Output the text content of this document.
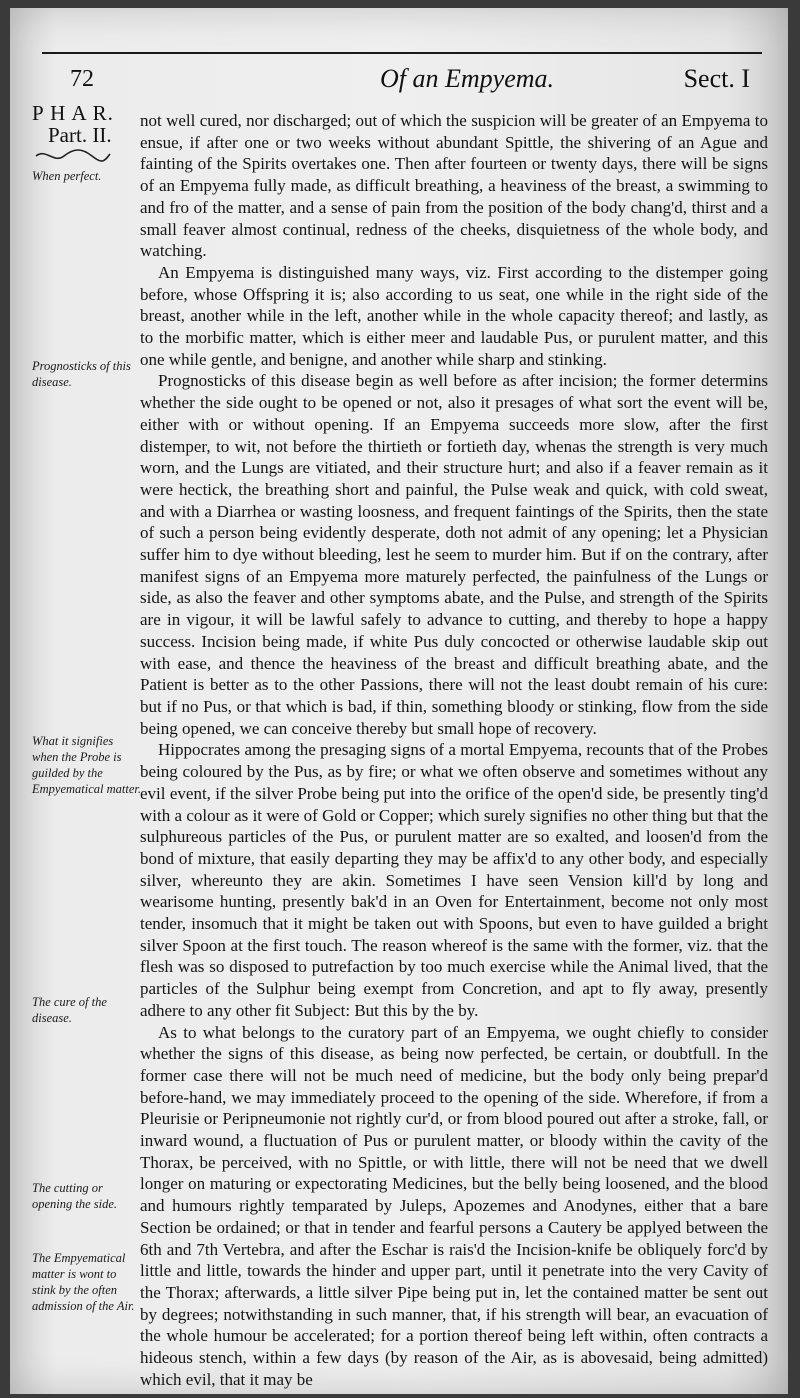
72	Of an Empyema.	Sect. I
P H A R.
Part. II.
When perfect.
Prognosticks of this disease.
What it signifies when the Probe is guilded by the Empyematical matter.
The cure of the disease.
The cutting or opening the side.
The Empyematical matter is wont to stink by the often admission of the Air.

not well cured, nor discharged; out of which the suspicion will be greater of an Empyema to ensue, if after one or two weeks without abundant Spittle, the shivering of an Ague and fainting of the Spirits overtakes one. Then after fourteen or twenty days, there will be signs of an Empyema fully made, as difficult breathing, a heaviness of the breast, a swimming to and fro of the matter, and a sense of pain from the position of the body chang'd, thirst and a small feaver almost continual, redness of the cheeks, disquietness of the whole body, and watching.

An Empyema is distinguished many ways, viz. First according to the distemper going before, whose Offspring it is; also according to us seat, one while in the right side of the breast, another while in the left, another while in the whole capacity thereof; and lastly, as to the morbific matter, which is either meer and laudable Pus, or purulent matter, and this one while gentle, and benigne, and another while sharp and stinking.

Prognosticks of this disease begin as well before as after incision; the former determins whether the side ought to be opened or not, also it presages of what sort the event will be, either with or without opening. If an Empyema succeeds more slow, after the first distemper, to wit, not before the thirtieth or fortieth day, whenas the strength is very much worn, and the Lungs are vitiated, and their structure hurt; and also if a feaver remain as it were hectick, the breathing short and painful, the Pulse weak and quick, with cold sweat, and with a Diarrhea or wasting loosness, and frequent faintings of the Spirits, then the state of such a person being evidently desperate, doth not admit of any opening; let a Physician suffer him to dye without bleeding, lest he seem to murder him. But if on the contrary, after manifest signs of an Empyema more maturely perfected, the painfulness of the Lungs or side, as also the feaver and other symptoms abate, and the Pulse, and strength of the Spirits are in vigour, it will be lawful safely to advance to cutting, and thereby to hope a happy success. Incision being made, if white Pus duly concocted or otherwise laudable skip out with ease, and thence the heaviness of the breast and difficult breathing abate, and the Patient is better as to the other Passions, there will not the least doubt remain of his cure: but if no Pus, or that which is bad, if thin, something bloody or stinking, flow from the side being opened, we can conceive thereby but small hope of recovery.

Hippocrates among the presaging signs of a mortal Empyema, recounts that of the Probes being coloured by the Pus, as by fire; or what we often observe and sometimes without any evil event, if the silver Probe being put into the orifice of the open'd side, be presently ting'd with a colour as it were of Gold or Copper; which surely signifies no other thing but that the sulphureous particles of the Pus, or purulent matter are so exalted, and loosen'd from the bond of mixture, that easily departing they may be affix'd to any other body, and especially silver, whereunto they are akin. Sometimes I have seen Vension kill'd by long and wearisome hunting, presently bak'd in an Oven for Entertainment, become not only most tender, insomuch that it might be taken out with Spoons, but even to have guilded a bright silver Spoon at the first touch. The reason whereof is the same with the former, viz. that the flesh was so disposed to putrefaction by too much exercise while the Animal lived, that the particles of the Sulphur being exempt from Concretion, and apt to fly away, presently adhere to any other fit Subject: But this by the by.

As to what belongs to the curatory part of an Empyema, we ought chiefly to consider whether the signs of this disease, as being now perfected, be certain, or doubtfull. In the former case there will not be much need of medicine, but the body only being prepar'd before-hand, we may immediately proceed to the opening of the side. Wherefore, if from a Pleurisie or Peripneumonie not rightly cur'd, or from blood poured out after a stroke, fall, or inward wound, a fluctuation of Pus or purulent matter, or bloody within the cavity of the Thorax, be perceived, with no Spittle, or with little, there will not be need that we dwell longer on maturing or expectorating Medicines, but the belly being loosened, and the blood and humours rightly temparated by Juleps, Apozemes and Anodynes, either that a bare Section be ordained; or that in tender and fearful persons a Cautery be applyed between the 6th and 7th Vertebra, and after the Eschar is rais'd the Incision-knife be obliquely forc'd by little and little, towards the hinder and upper part, until it penetrate into the very Cavity of the Thorax; afterwards, a little silver Pipe being put in, let the contained matter be sent out by degrees; notwithstanding in such manner, that, if his strength will bear, an evacuation of the whole humour be accelerated; for a portion thereof being left within, often contracts a hideous stench, within a few days (by reason of the Air, as is abovesaid, being admitted) which evil, that it may be
